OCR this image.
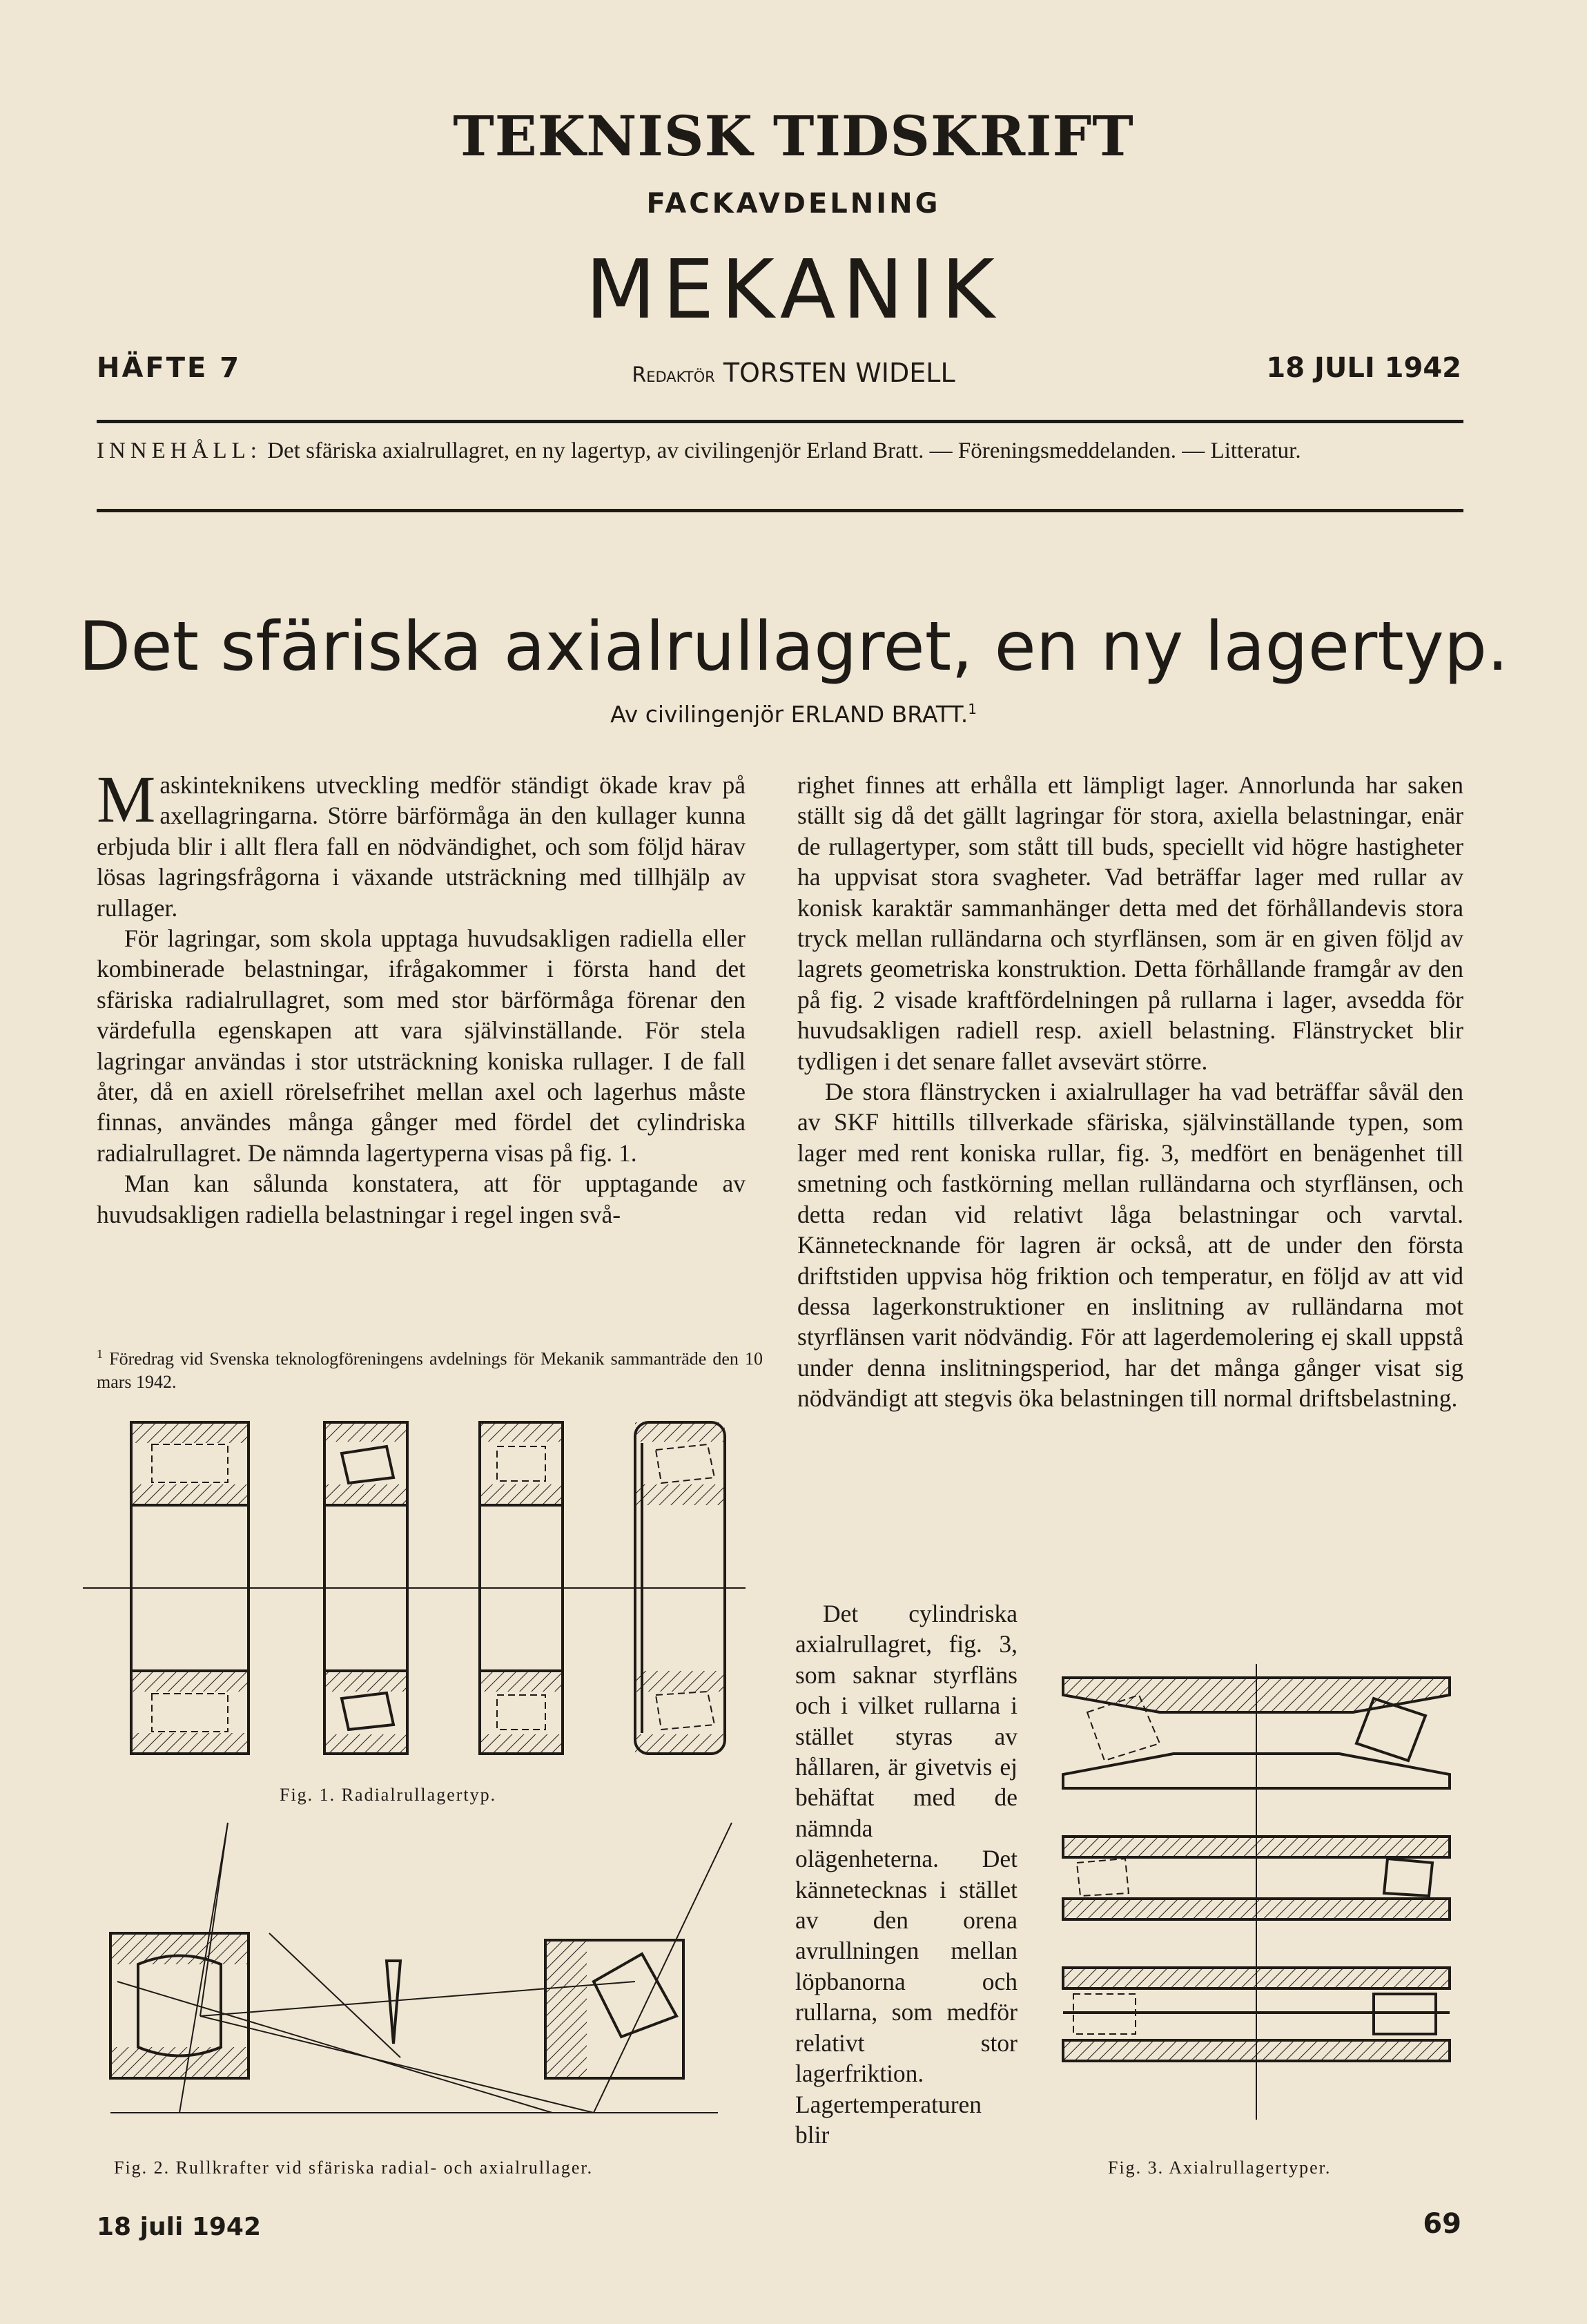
TEKNISK TIDSKRIFT
FACKAVDELNING
MEKANIK
HÄFTE 7	Redaktör TORSTEN WIDELL	18 JULI 1942
INNEHÅLL: Det sfäriska axialrullagret, en ny lagertyp, av civilingenjör Erland Bratt. — Föreningsmeddelanden. — Litteratur.
Det sfäriska axialrullagret, en ny lagertyp.
Av civilingenjör ERLAND BRATT.$^1$

Maskinteknikens utveckling medför ständigt ökade krav på axellagringarna. Större bärförmåga än den kullager kunna erbjuda blir i allt flera fall en nödvändighet, och som följd härav lösas lagringsfrågorna i växande utsträckning med tillhjälp av rullager.

För lagringar, som skola upptaga huvudsakligen radiella eller kombinerade belastningar, ifrågakommer i första hand det sfäriska radialrullagret, som med stor bärförmåga förenar den värdefulla egenskapen att vara självinställande. För stela lagringar användas i stor utsträckning koniska rullager. I de fall åter, då en axiell rörelsefrihet mellan axel och lagerhus måste finnas, användes många gånger med fördel det cylindriska radialrullagret. De nämnda lagertyperna visas på fig. 1.

Man kan sålunda konstatera, att för upptagande av huvudsakligen radiella belastningar i regel ingen svå-

$^1$ Föredrag vid Svenska teknologföreningens avdelnings för Mekanik sammanträde den 10 mars 1942.

righet finnes att erhålla ett lämpligt lager. Annorlunda har saken ställt sig då det gällt lagringar för stora, axiella belastningar, enär de rullagertyper, som stått till buds, speciellt vid högre hastigheter ha uppvisat stora svagheter. Vad beträffar lager med rullar av konisk karaktär sammanhänger detta med det förhållandevis stora tryck mellan rulländarna och styrflänsen, som är en given följd av lagrets geometriska konstruktion. Detta förhållande framgår av den på fig. 2 visade kraftfördelningen på rullarna i lager, avsedda för huvudsakligen radiell resp. axiell belastning. Flänstrycket blir tydligen i det senare fallet avsevärt större.

De stora flänstrycken i axialrullager ha vad beträffar såväl den av SKF hittills tillverkade sfäriska, självinställande typen, som lager med rent koniska rullar, fig. 3, medfört en benägenhet till smetning och fastkörning mellan rulländarna och styrflänsen, och detta redan vid relativt låga belastningar och varvtal. Kännetecknande för lagren är också, att de under den första driftstiden uppvisa hög friktion och temperatur, en följd av att vid dessa lagerkonstruktioner en inslitning av rulländarna mot styrflänsen varit nödvändig. För att lagerdemolering ej skall uppstå under denna inslitningsperiod, har det många gånger visat sig nödvändigt att stegvis öka belastningen till normal driftsbelastning.

Det cylindriska axialrullagret, fig. 3, som saknar styrfläns och i vilket rullarna i stället styras av hållaren, är givetvis ej behäftat med de nämnda olägenheterna. Det kännetecknas i stället av den orena avrullningen mellan löpbanorna och rullarna, som medför relativt stor lagerfriktion. Lagertemperaturen blir

Fig. 1. Radialrullagertyp.
Fig. 2. Rullkrafter vid sfäriska radial- och axialrullager.	Fig. 3. Axialrullagertyper.
18 juli 1942	69
